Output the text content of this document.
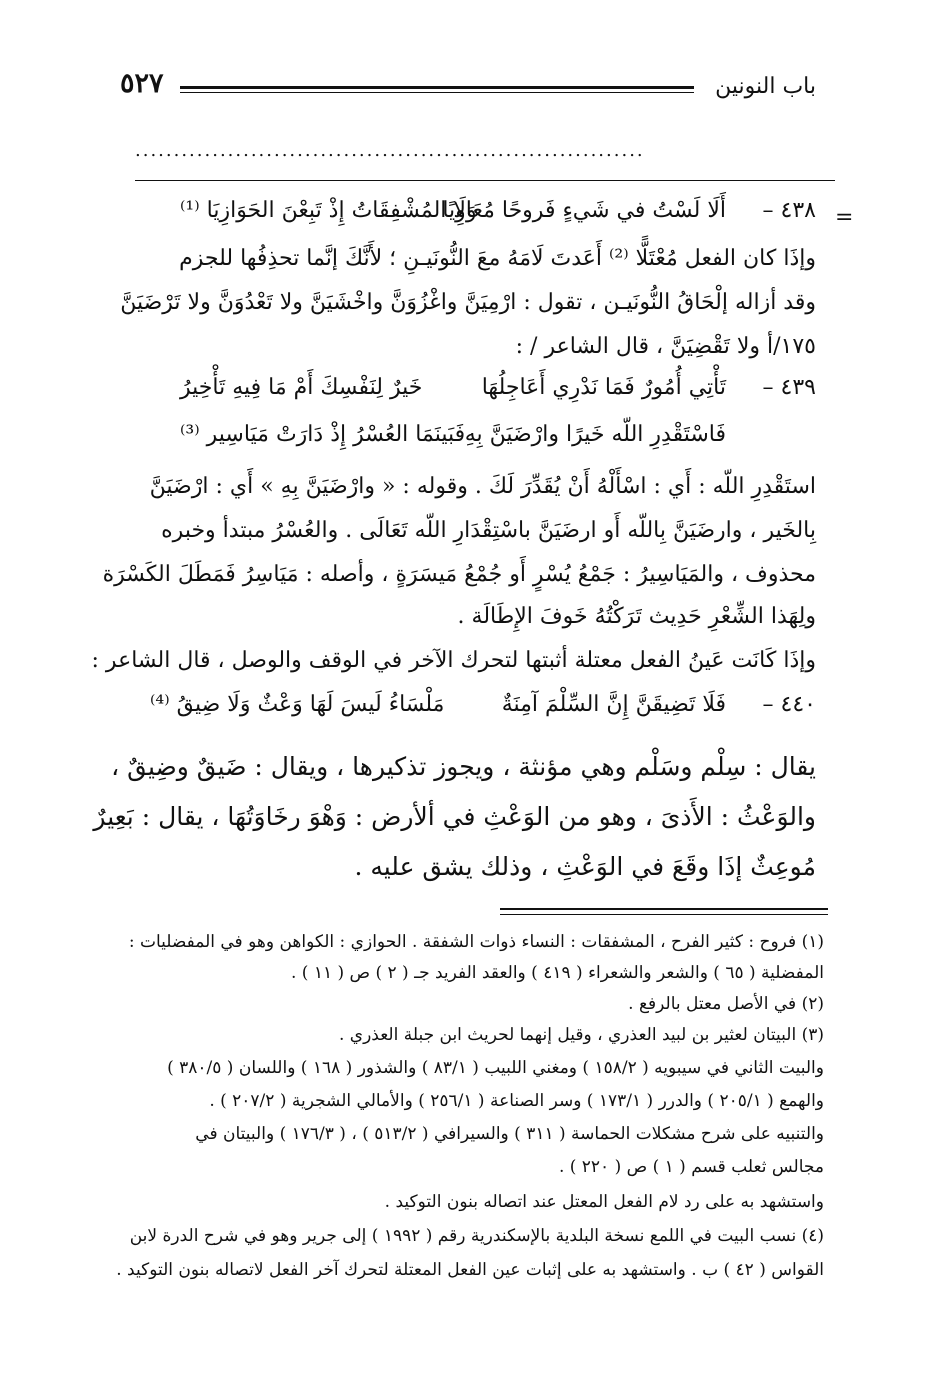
٥٢٧	باب النونين
..................................................................
=
٤٣٨ –
أَلَا لَسْتُ في شَيءٍ فَروحًا مُعَاوِيًا
وَلَا المُشْفِقَاتُ إِذْ تَبِعْنَ الحَوَازِيَا ⁽¹⁾
وإذَا كان الفعل مُعْتَلًّا ⁽²⁾ أَعَدتَ لَامَهُ معَ النُّونَيـنِ ؛ لأَنَّكَ إنَّما تحذِفُها للجزم
وقد أزاله إلْحَاقُ النُّونَيـن ، تقول : ارْمِيَنَّ واغْزُوَنَّ واخْشَيَنَّ ولا تَعْدُوَنَّ ولا تَرْضَيَنَّ
١٧٥/أ ولا تَقْضِيَنَّ ، قال الشاعر / :
٤٣٩ –
تَأْتِي أُمُورٌ فَمَا نَدْرِي أَعَاجِلُهَا
خَيرٌ لِنَفْسِكَ أَمْ مَا فِيهِ تَأْخِيرُ
فَاسْتَقْدِرِ اللّه خَيرًا وارْضَيَنَّ بِهِ
فَبَينَمَا العُسْرُ إِذْ دَارَتْ مَيَاسِير ⁽³⁾
استَقْدِرِ اللّه : أَي : اسْأَلْهُ أَنْ يُقَدِّرَ لَكَ . وقوله : « وارْضَيَنَّ بِهِ » أَي : ارْضَيَنَّ
بِالخَير ، وارضَيَنَّ بِاللّه أَو ارضَيَنَّ باسْتِقْدَارِ اللّه تَعَالَى . والعُسْرُ مبتدأ وخبره
محذوف ، والمَيَاسِيرُ : جَمْعُ يُسْرٍ أَو جُمْعُ مَيسَرَةٍ ، وأصله : مَيَاسِرُ فَمَطَلَ الكَسْرَة
ولِهَذا الشِّعْرِ حَدِيث تَرَكْتُهُ خَوفَ الإِطَالَة .
وإذَا كَانَت عَينُ الفعل معتلة أثبتها لتحرك الآخر في الوقف والوصل ، قال الشاعر :
٤٤٠ –
فَلَا تَضِيقَنَّ إِنَّ السِّلْمَ آمِنَةٌ
مَلْسَاءُ لَيسَ لَهَا وَعْثٌ وَلَا ضِيقُ ⁽⁴⁾
يقال : سِلْم وسَلْم وهي مؤنثة ، ويجوز تذكيرها ، ويقال : ضَيقٌ وضِيقٌ ،
والوَعْثُ : الأَذىَ ، وهو من الوَعْثِ في ألأرض : وَهْوَ رخَاوَتُهَا ، يقال : بَعِيرٌ
مُوعِثٌ إذَا وقَعَ في الوَعْثِ ، وذلك يشق عليه .
(١) فروح : كثير الفرح ، المشفقات : النساء ذوات الشفقة . الحوازي : الكواهن وهو في المفضليات :
المفضلية ( ٦٥ ) والشعر والشعراء ( ٤١٩ ) والعقد الفريد جـ ( ٢ ) ص ( ١١ ) .
(٢) في الأصل معتل بالرفع .
(٣) البيتان لعثير بن لبيد العذري ، وقيل إنهما لحريث ابن جبلة العذري .
والبيت الثاني في سيبويه ( ١٥٨/٢ ) ومغني اللبيب ( ٨٣/١ ) والشذور ( ١٦٨ ) واللسان ( ٣٨٠/٥ )
والهمع ( ٢٠٥/١ ) والدرر ( ١٧٣/١ ) وسر الصناعة ( ٢٥٦/١ ) والأمالي الشجرية ( ٢٠٧/٢ ) .
والتنبيه على شرح مشكلات الحماسة ( ٣١١ ) والسيرافي ( ٥١٣/٢ ) ، ( ١٧٦/٣ ) والبيتان في
مجالس ثعلب قسم ( ١ ) ص ( ٢٢٠ ) .
واستشهد به على رد لام الفعل المعتل عند اتصاله بنون التوكيد .
(٤) نسب البيت في اللمع نسخة البلدية بالإسكندرية رقم ( ١٩٩٢ ) إلى جرير وهو في شرح الدرة لابن
القواس ( ٤٢ ) ب . واستشهد به على إثبات عين الفعل المعتلة لتحرك آخر الفعل لاتصاله بنون التوكيد .
